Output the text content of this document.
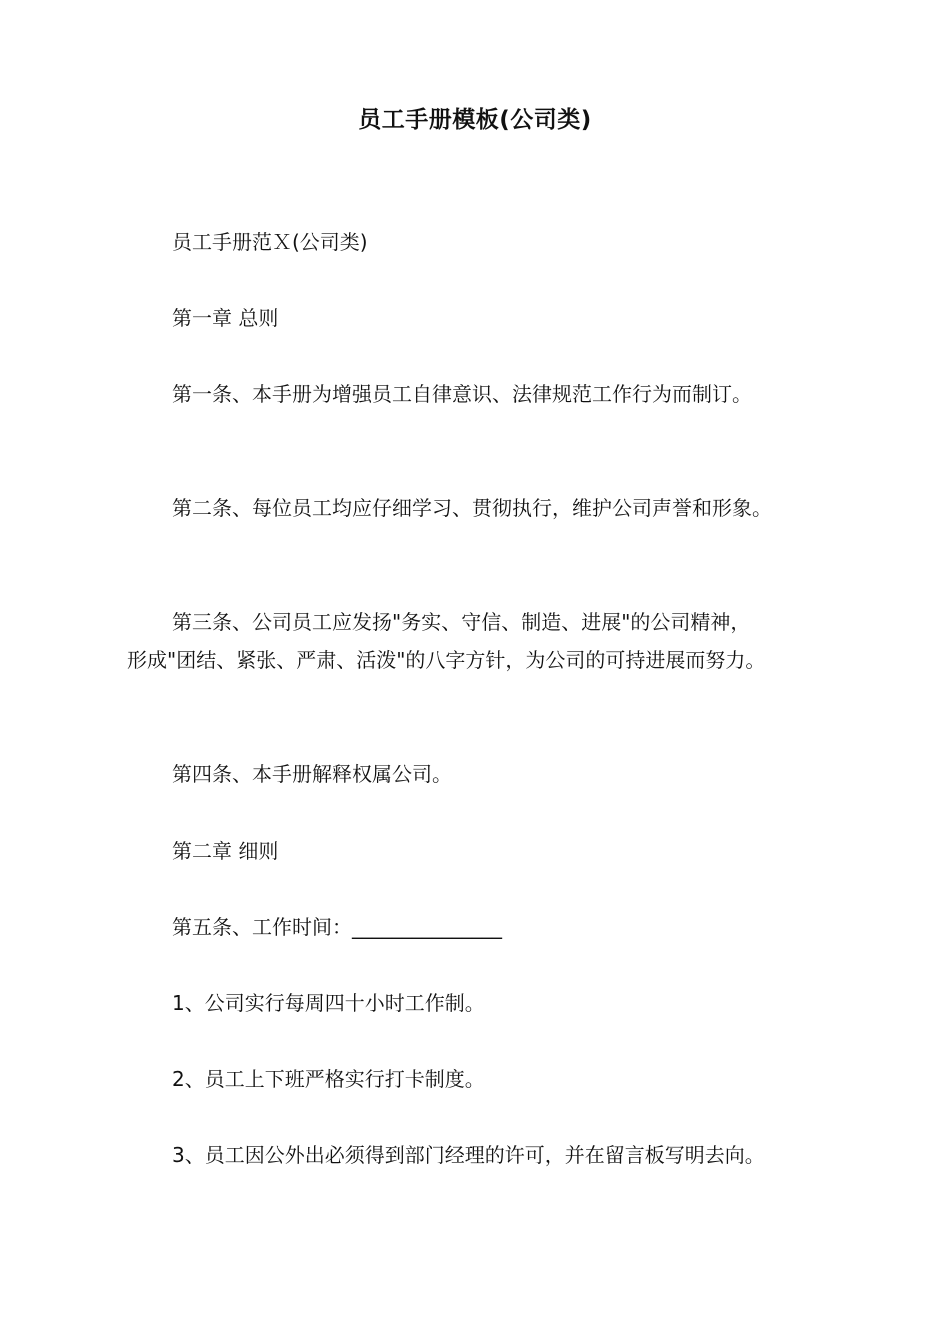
员工手册模板(公司类)

员工手册范Ｘ(公司类)

第一章 总则

第一条、本手册为增强员工自律意识、法律规范工作行为而制订。

第二条、每位员工均应仔细学习、贯彻执行，维护公司声誉和形象。

第三条、公司员工应发扬"务实、守信、制造、进展"的公司精神，

形成"团结、紧张、严肃、活泼"的八字方针，为公司的可持进展而努力。

第四条、本手册解释权属公司。

第二章 细则

第五条、工作时间：_______________

1、公司实行每周四十小时工作制。

2、员工上下班严格实行打卡制度。

3、员工因公外出必须得到部门经理的许可，并在留言板写明去向。
